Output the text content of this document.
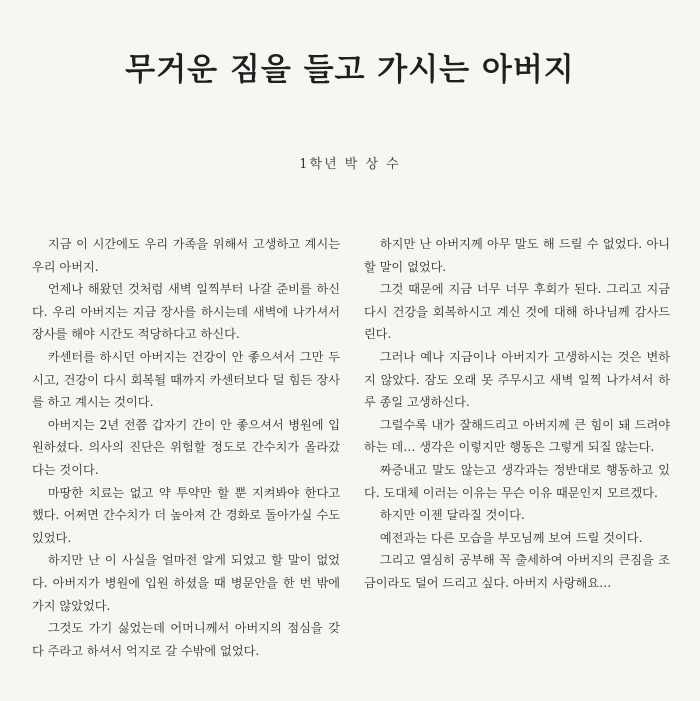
무거운 짐을 들고 가시는 아버지
1학년 박 상 수

지금 이 시간에도 우리 가족을 위해서 고생하고 계시는 우리 아버지.

언제나 해왔던 것처럼 새벽 일찍부터 나갈 준비를 하신다. 우리 아버지는 지금 장사를 하시는데 새벽에 나가셔서 장사를 해야 시간도 적당하다고 하신다.

카센터를 하시던 아버지는 건강이 안 좋으셔서 그만 두시고, 건강이 다시 회복될 때까지 카센터보다 덜 힘든 장사를 하고 계시는 것이다.

아버지는 2년 전쯤 갑자기 간이 안 좋으셔서 병원에 입원하셨다. 의사의 진단은 위험할 정도로 간수치가 올라갔다는 것이다.

마땅한 치료는 없고 약 투약만 할 뿐 지켜봐야 한다고 했다. 어쩌면 간수치가 더 높아져 간 경화로 돌아가실 수도 있었다.

하지만 난 이 사실을 얼마전 알게 되었고 할 말이 없었다. 아버지가 병원에 입원 하셨을 때 병문안을 한 번 밖에 가지 않았었다.

그것도 가기 싫었는데 어머니께서 아버지의 점심을 갖다 주라고 하셔서 억지로 갈 수밖에 없었다.

하지만 난 아버지께 아무 말도 해 드릴 수 없었다. 아니 할 말이 없었다.

그것 때문에 지금 너무 너무 후회가 된다. 그리고 지금 다시 건강을 회복하시고 계신 것에 대해 하나님께 감사드린다.

그러나 예나 지금이나 아버지가 고생하시는 것은 변하지 않았다. 잠도 오래 못 주무시고 새벽 일찍 나가셔서 하루 종일 고생하신다.

그럴수록 내가 잘해드리고 아버지께 큰 힘이 돼 드려야 하는 데… 생각은 이렇지만 행동은 그렇게 되질 않는다.

짜증내고 말도 않는고 생각과는 정반대로 행동하고 있다. 도대체 이러는 이유는 무슨 이유 때문인지 모르겠다.

하지만 이젠 달라질 것이다.

예전과는 다른 모습을 부모님께 보여 드릴 것이다.

그리고 열심히 공부해 꼭 출세하여 아버지의 큰짐을 조금이라도 덜어 드리고 싶다. 아버지 사랑해요…
